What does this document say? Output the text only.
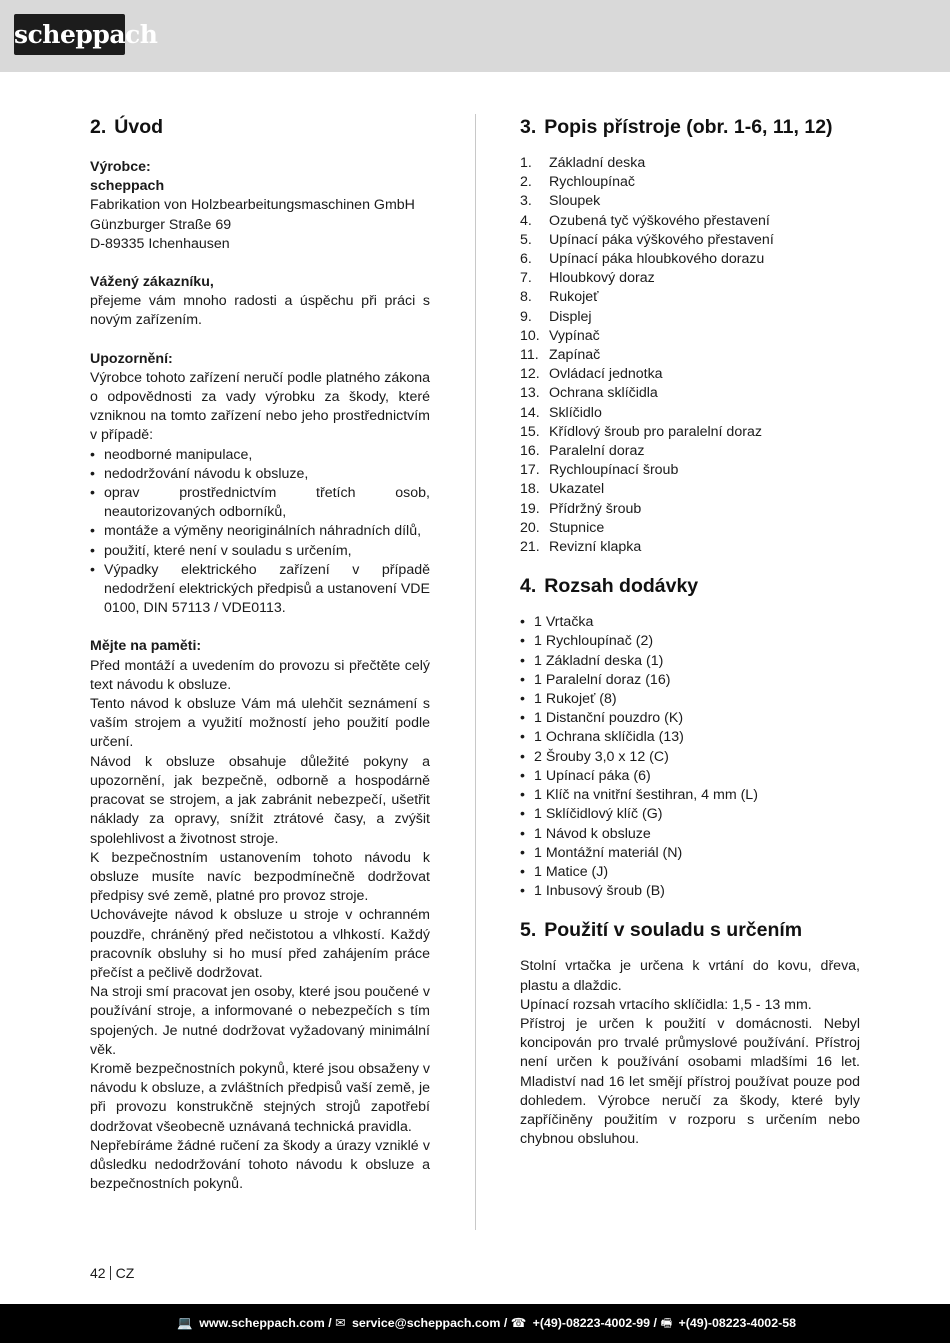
scheppach
2. Úvod

Výrobce:

scheppach

Fabrikation von Holzbearbeitungsmaschinen GmbH

Günzburger Straße 69

D-89335 Ichenhausen

Vážený zákazníku,

přejeme vám mnoho radosti a úspěchu při práci s novým zařízením.

Upozornění:

Výrobce tohoto zařízení neručí podle platného zákona o odpovědnosti za vady výrobku za škody, které vzniknou na tomto zařízení nebo jeho prostřednictvím v případě:

• neodborné manipulace,
• nedodržování návodu k obsluze,
• oprav prostřednictvím třetích osob, neautorizovaných odborníků,
• montáže a výměny neoriginálních náhradních dílů,
• použití, které není v souladu s určením,
• Výpadky elektrického zařízení v případě nedodržení elektrických předpisů a ustanovení VDE 0100, DIN 57113 / VDE0113.

Mějte na paměti:

Před montáží a uvedením do provozu si přečtěte celý text návodu k obsluze.

Tento návod k obsluze Vám má ulehčit seznámení s vaším strojem a využití možností jeho použití podle určení.

Návod k obsluze obsahuje důležité pokyny a upozornění, jak bezpečně, odborně a hospodárně pracovat se strojem, a jak zabránit nebezpečí, ušetřit náklady za opravy, snížit ztrátové časy, a zvýšit spolehlivost a životnost stroje.

K bezpečnostním ustanovením tohoto návodu k obsluze musíte navíc bezpodmínečně dodržovat předpisy své země, platné pro provoz stroje.

Uchovávejte návod k obsluze u stroje v ochranném pouzdře, chráněný před nečistotou a vlhkostí. Každý pracovník obsluhy si ho musí před zahájením práce přečíst a pečlivě dodržovat.

Na stroji smí pracovat jen osoby, které jsou poučené v používání stroje, a informované o nebezpečích s tím spojených. Je nutné dodržovat vyžadovaný minimální věk.

Kromě bezpečnostních pokynů, které jsou obsaženy v návodu k obsluze, a zvláštních předpisů vaší země, je při provozu konstrukčně stejných strojů zapotřebí dodržovat všeobecně uznávaná technická pravidla.

Nepřebíráme žádné ručení za škody a úrazy vzniklé v důsledku nedodržování tohoto návodu k obsluze a bezpečnostních pokynů.

3. Popis přístroje (obr. 1-6, 11, 12)
1. Základní deska
2. Rychloupínač
3. Sloupek
4. Ozubená tyč výškového přestavení
5. Upínací páka výškového přestavení
6. Upínací páka hloubkového dorazu
7. Hloubkový doraz
8. Rukojeť
9. Displej
10. Vypínač
11. Zapínač
12. Ovládací jednotka
13. Ochrana sklíčidla
14. Sklíčidlo
15. Křídlový šroub pro paralelní doraz
16. Paralelní doraz
17. Rychloupínací šroub
18. Ukazatel
19. Přídržný šroub
20. Stupnice
21. Revizní klapka
4. Rozsah dodávky
• 1 Vrtačka
• 1 Rychloupínač (2)
• 1 Základní deska (1)
• 1 Paralelní doraz (16)
• 1 Rukojeť (8)
• 1 Distanční pouzdro (K)
• 1 Ochrana sklíčidla (13)
• 2 Šrouby 3,0 x 12 (C)
• 1 Upínací páka (6)
• 1 Klíč na vnitřní šestihran, 4 mm (L)
• 1 Sklíčidlový klíč (G)
• 1 Návod k obsluze
• 1 Montážní materiál (N)
• 1 Matice (J)
• 1 Inbusový šroub (B)
5. Použití v souladu s určením

Stolní vrtačka je určena k vrtání do kovu, dřeva, plastu a dlaždic.

Upínací rozsah vrtacího sklíčidla: 1,5 - 13 mm.

Přístroj je určen k použití v domácnosti. Nebyl koncipován pro trvalé průmyslové používání. Přístroj není určen k používání osobami mladšími 16 let. Mladiství nad 16 let smějí přístroj používat pouze pod dohledem. Výrobce neručí za škody, které byly zapříčiněny použitím v rozporu s určením nebo chybnou obsluhou.

42 CZ
💻 www.scheppach.com / ✉ service@scheppach.com / ☎ +(49)-08223-4002-99 / 🖷 +(49)-08223-4002-58
